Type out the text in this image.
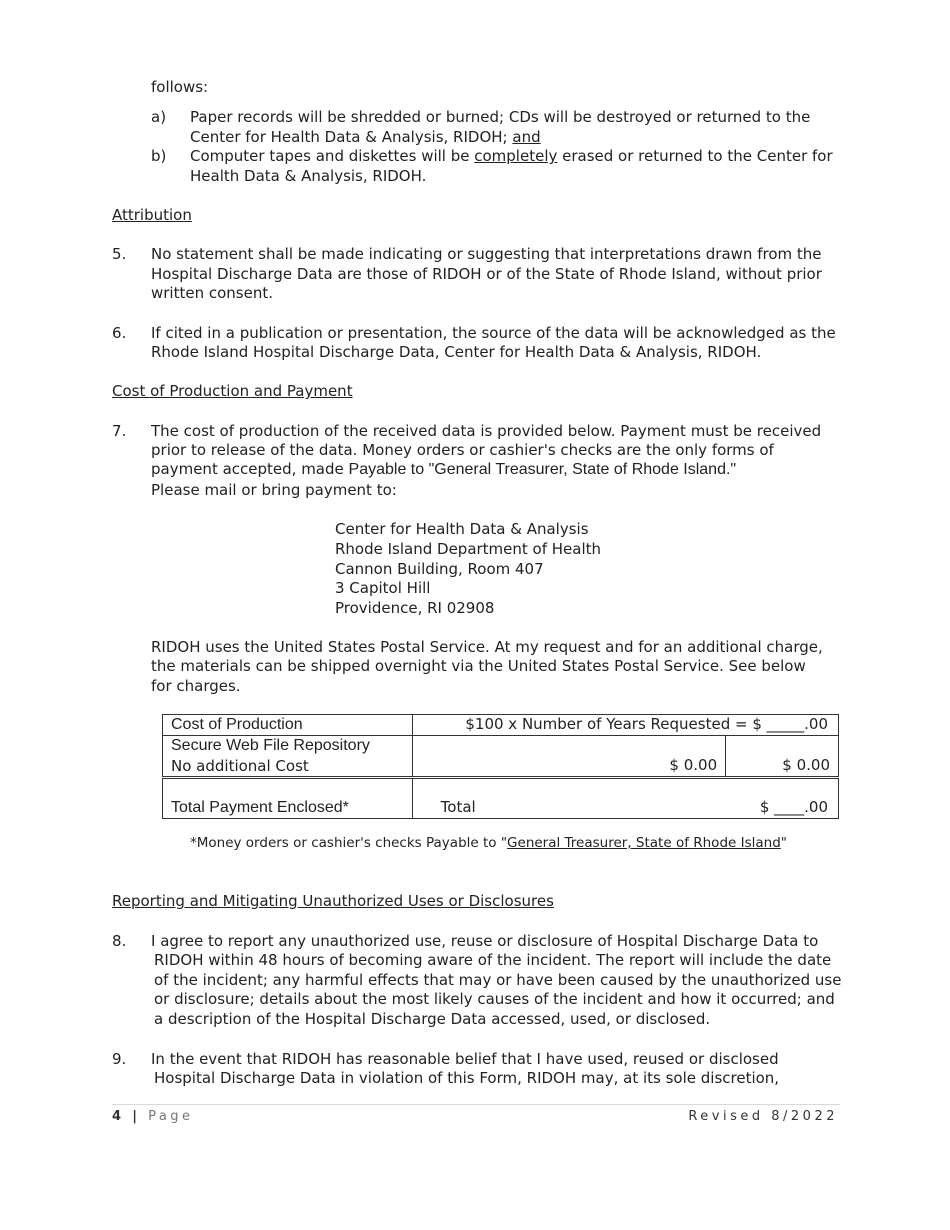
follows:
a) Paper records will be shredded or burned; CDs will be destroyed or returned to the
Center for Health Data & Analysis, RIDOH; and
b) Computer tapes and diskettes will be completely erased or returned to the Center for
Health Data & Analysis, RIDOH.
Attribution
5. No statement shall be made indicating or suggesting that interpretations drawn from the
Hospital Discharge Data are those of RIDOH or of the State of Rhode Island, without prior
written consent.
6. If cited in a publication or presentation, the source of the data will be acknowledged as the
Rhode Island Hospital Discharge Data, Center for Health Data & Analysis, RIDOH.
Cost of Production and Payment
7. The cost of production of the received data is provided below. Payment must be received
prior to release of the data. Money orders or cashier's checks are the only forms of
payment accepted, made Payable to "General Treasurer, State of Rhode Island."
Please mail or bring payment to:
Center for Health Data & Analysis
Rhode Island Department of Health
Cannon Building, Room 407
3 Capitol Hill
Providence, RI 02908
RIDOH uses the United States Postal Service. At my request and for an additional charge,
the materials can be shipped overnight via the United States Postal Service. See below
for charges.
Cost of Production	$100 x Number of Years Requested = $ _____.00	

Secure Web File Repository
No additional Cost	$ 0.00	$ 0.00
Total Payment Enclosed*	Total $ ____.00	
*Money orders or cashier's checks Payable to "General Treasurer, State of Rhode Island"
Reporting and Mitigating Unauthorized Uses or Disclosures
8. I agree to report any unauthorized use, reuse or disclosure of Hospital Discharge Data to
RIDOH within 48 hours of becoming aware of the incident. The report will include the date
of the incident; any harmful effects that may or have been caused by the unauthorized use
or disclosure; details about the most likely causes of the incident and how it occurred; and
a description of the Hospital Discharge Data accessed, used, or disclosed.
9. In the event that RIDOH has reasonable belief that I have used, reused or disclosed
Hospital Discharge Data in violation of this Form, RIDOH may, at its sole discretion,
4 | Page	Revised 8/2022
